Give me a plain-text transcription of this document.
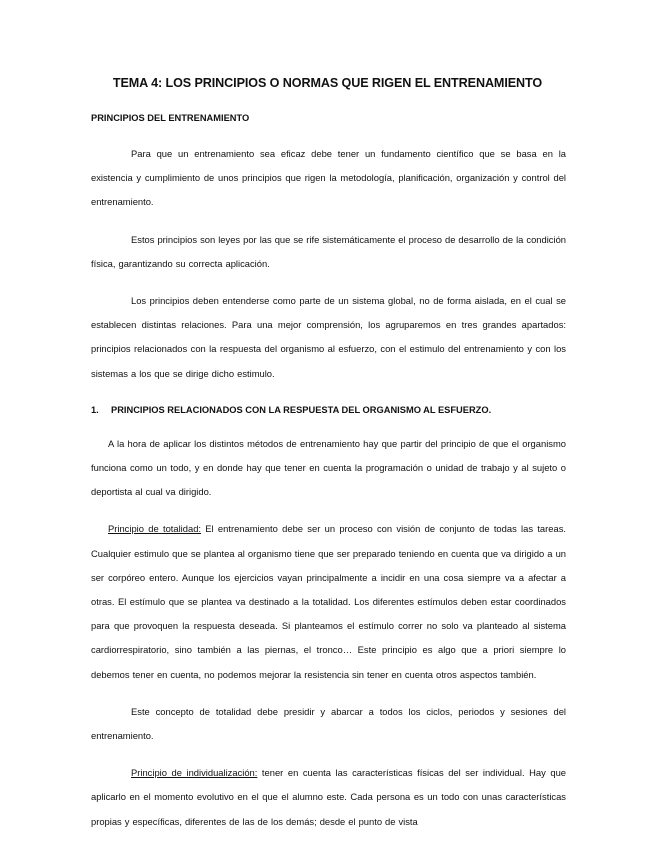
TEMA 4: LOS PRINCIPIOS O NORMAS QUE RIGEN EL ENTRENAMIENTO
PRINCIPIOS DEL ENTRENAMIENTO

Para que un entrenamiento sea eficaz debe tener un fundamento científico que se basa en la existencia y cumplimiento de unos principios que rigen la metodología, planificación, organización y control del entrenamiento.

Estos principios son leyes por las que se rife sistemáticamente el proceso de desarrollo de la condición física, garantizando su correcta aplicación.

Los principios deben entenderse como parte de un sistema global, no de forma aislada, en el cual se establecen distintas relaciones. Para una mejor comprensión, los agruparemos en tres grandes apartados: principios relacionados con la respuesta del organismo al esfuerzo, con el estimulo del entrenamiento y con los sistemas a los que se dirige dicho estimulo.

1. PRINCIPIOS RELACIONADOS CON LA RESPUESTA DEL ORGANISMO AL ESFUERZO.

A la hora de aplicar los distintos métodos de entrenamiento hay que partir del principio de que el organismo funciona como un todo, y en donde hay que tener en cuenta la programación o unidad de trabajo y al sujeto o deportista al cual va dirigido.

Principio de totalidad: El entrenamiento debe ser un proceso con visión de conjunto de todas las tareas. Cualquier estimulo que se plantea al organismo tiene que ser preparado teniendo en cuenta que va dirigido a un ser corpóreo entero. Aunque los ejercicios vayan principalmente a incidir en una cosa siempre va a afectar a otras. El estímulo que se plantea va destinado a la totalidad. Los diferentes estímulos deben estar coordinados para que provoquen la respuesta deseada. Si planteamos el estímulo correr no solo va planteado al sistema cardiorrespiratorio, sino también a las piernas, el tronco… Este principio es algo que a priori siempre lo debemos tener en cuenta, no podemos mejorar la resistencia sin tener en cuenta otros aspectos también.

Este concepto de totalidad debe presidir y abarcar a todos los ciclos, periodos y sesiones del entrenamiento.

Principio de individualización: tener en cuenta las características físicas del ser individual. Hay que aplicarlo en el momento evolutivo en el que el alumno este. Cada persona es un todo con unas características propias y específicas, diferentes de las de los demás; desde el punto de vista
